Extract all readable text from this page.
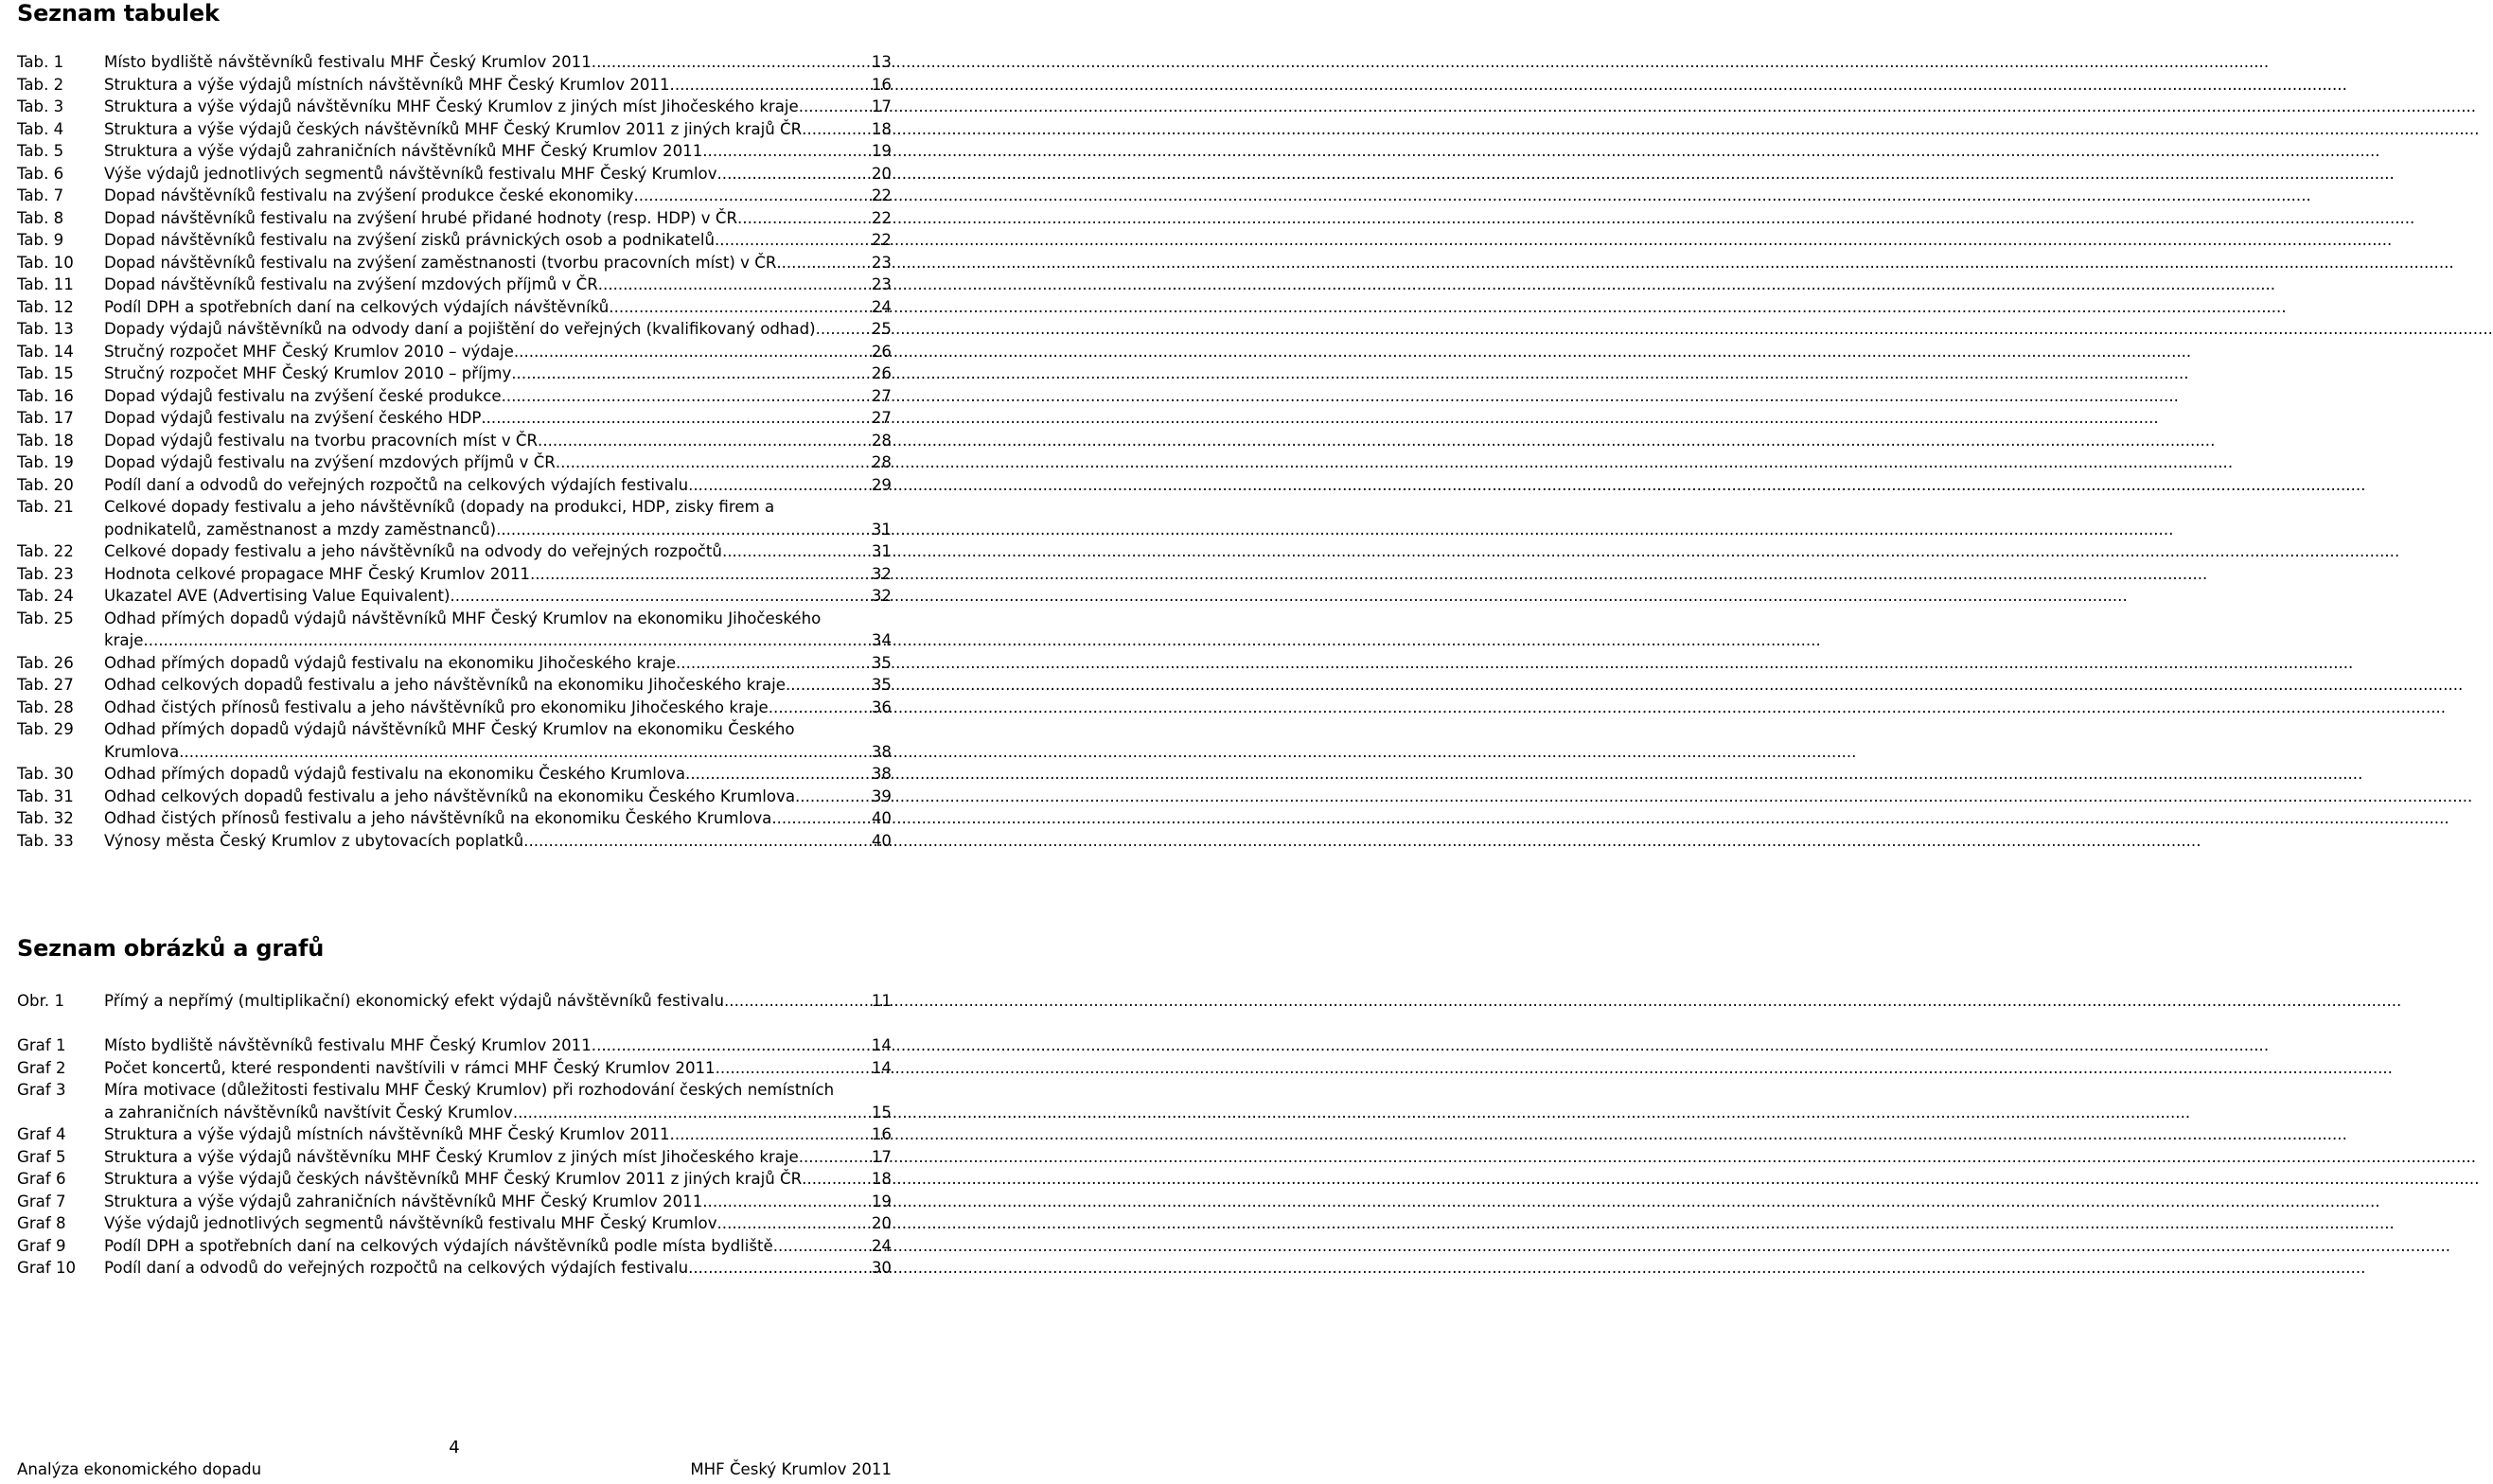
Seznam tabulek
Tab. 1	Místo bydliště návštěvníků festivalu MHF Český Krumlov 2011 .....	13
Tab. 2	Struktura a výše výdajů místních návštěvníků MHF Český Krumlov 2011 .....	16
Tab. 3	Struktura a výše výdajů návštěvníku MHF Český Krumlov z jiných míst Jihočeského kraje .....	17
Tab. 4	Struktura a výše výdajů českých návštěvníků MHF Český Krumlov 2011 z jiných krajů ČR .....	18
Tab. 5	Struktura a výše výdajů zahraničních návštěvníků MHF Český Krumlov 2011 .....	19
Tab. 6	Výše výdajů jednotlivých segmentů návštěvníků festivalu MHF Český Krumlov .....	20
Tab. 7	Dopad návštěvníků festivalu na zvýšení produkce české ekonomiky .....	22
Tab. 8	Dopad návštěvníků festivalu na zvýšení hrubé přidané hodnoty (resp. HDP) v ČR .....	22
Tab. 9	Dopad návštěvníků festivalu na zvýšení zisků právnických osob a podnikatelů .....	22
Tab. 10	Dopad návštěvníků festivalu na zvýšení zaměstnanosti (tvorbu pracovních míst) v ČR .....	23
Tab. 11	Dopad návštěvníků festivalu na zvýšení mzdových příjmů v ČR .....	23
Tab. 12	Podíl DPH a spotřebních daní na celkových výdajích návštěvníků .....	24
Tab. 13	Dopady výdajů návštěvníků na odvody daní a pojištění do veřejných (kvalifikovaný odhad) .....	25
Tab. 14	Stručný rozpočet MHF Český Krumlov 2010 – výdaje .....	26
Tab. 15	Stručný rozpočet MHF Český Krumlov 2010 – příjmy .....	26
Tab. 16	Dopad výdajů festivalu na zvýšení české produkce .....	27
Tab. 17	Dopad výdajů festivalu na zvýšení českého HDP .....	27
Tab. 18	Dopad výdajů festivalu na tvorbu pracovních míst v ČR .....	28
Tab. 19	Dopad výdajů festivalu na zvýšení mzdových příjmů v ČR .....	28
Tab. 20	Podíl daní a odvodů do veřejných rozpočtů na celkových výdajích festivalu .....	29
Tab. 21	Celkové dopady festivalu a jeho návštěvníků (dopady na produkci, HDP, zisky firem a
podnikatelů, zaměstnanost a mzdy zaměstnanců) .....	31
Tab. 22	Celkové dopady festivalu a jeho návštěvníků na odvody do veřejných rozpočtů .....	31
Tab. 23	Hodnota celkové propagace MHF Český Krumlov 2011 .....	32
Tab. 24	Ukazatel AVE (Advertising Value Equivalent) .....	32
Tab. 25	Odhad přímých dopadů výdajů návštěvníků MHF Český Krumlov na ekonomiku Jihočeského
kraje .....	34
Tab. 26	Odhad přímých dopadů výdajů festivalu na ekonomiku Jihočeského kraje .....	35
Tab. 27	Odhad celkových dopadů festivalu a jeho návštěvníků na ekonomiku Jihočeského kraje .....	35
Tab. 28	Odhad čistých přínosů festivalu a jeho návštěvníků pro ekonomiku Jihočeského kraje .....	36
Tab. 29	Odhad přímých dopadů výdajů návštěvníků MHF Český Krumlov na ekonomiku Českého
Krumlova .....	38
Tab. 30	Odhad přímých dopadů výdajů festivalu na ekonomiku Českého Krumlova .....	38
Tab. 31	Odhad celkových dopadů festivalu a jeho návštěvníků na ekonomiku Českého Krumlova .....	39
Tab. 32	Odhad čistých přínosů festivalu a jeho návštěvníků na ekonomiku Českého Krumlova .....	40
Tab. 33	Výnosy města Český Krumlov z ubytovacích poplatků .....	40
Seznam obrázků a grafů
Obr. 1	Přímý a nepřímý (multiplikační) ekonomický efekt výdajů návštěvníků festivalu .....	11
Graf 1	Místo bydliště návštěvníků festivalu MHF Český Krumlov 2011 .....	14
Graf 2	Počet koncertů, které respondenti navštívili v rámci MHF Český Krumlov 2011 .....	14
Graf 3	Míra motivace (důležitosti festivalu MHF Český Krumlov) při rozhodování českých nemístních
a zahraničních návštěvníků navštívit Český Krumlov .....	15
Graf 4	Struktura a výše výdajů místních návštěvníků MHF Český Krumlov 2011 .....	16
Graf 5	Struktura a výše výdajů návštěvníku MHF Český Krumlov z jiných míst Jihočeského kraje .....	17
Graf 6	Struktura a výše výdajů českých návštěvníků MHF Český Krumlov 2011 z jiných krajů ČR .....	18
Graf 7	Struktura a výše výdajů zahraničních návštěvníků MHF Český Krumlov 2011 .....	19
Graf 8	Výše výdajů jednotlivých segmentů návštěvníků festivalu MHF Český Krumlov .....	20
Graf 9	Podíl DPH a spotřebních daní na celkových výdajích návštěvníků podle místa bydliště .....	24
Graf 10	Podíl daní a odvodů do veřejných rozpočtů na celkových výdajích festivalu .....	30
4
Analýza ekonomického dopadu	MHF Český Krumlov 2011
